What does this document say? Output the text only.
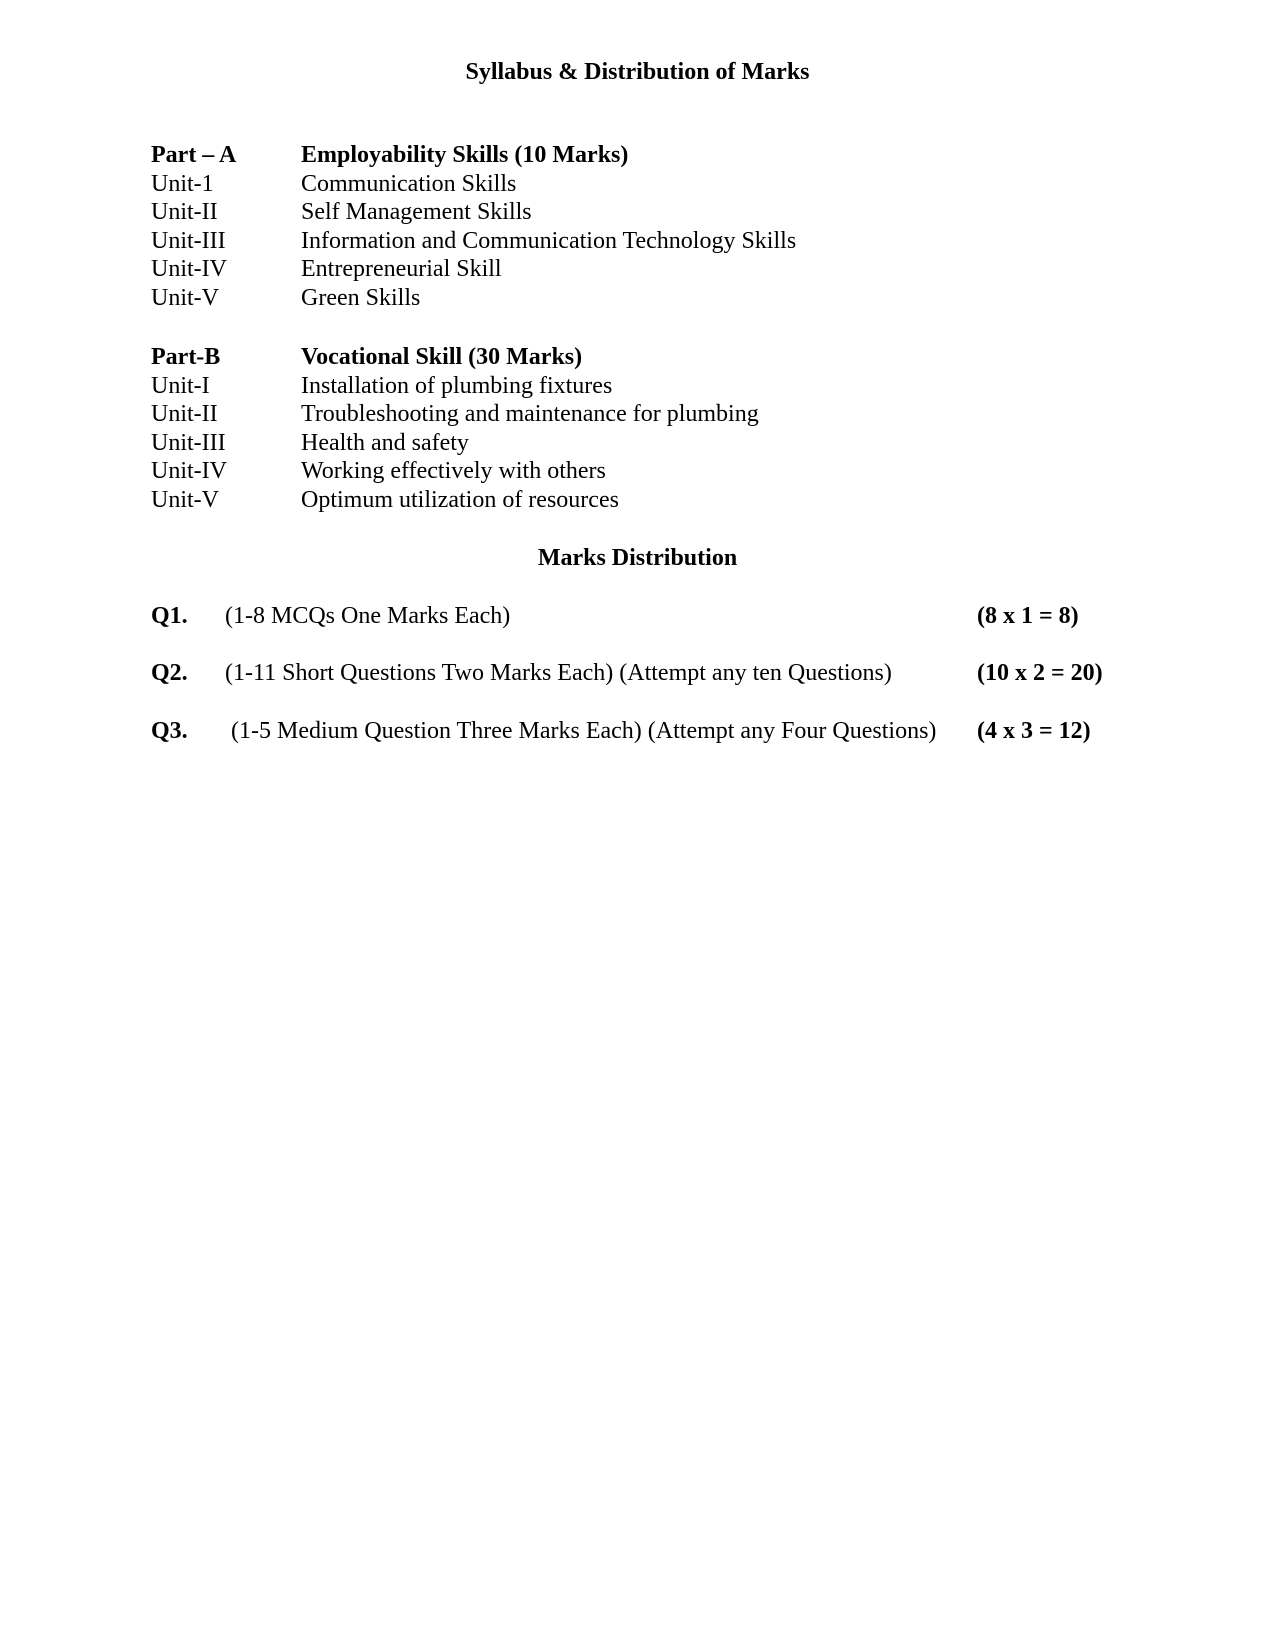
Syllabus & Distribution of Marks
Part – A	Employability Skills (10 Marks)
Unit-1	Communication Skills
Unit-II	Self Management Skills
Unit-III	Information and Communication Technology Skills
Unit-IV	Entrepreneurial Skill
Unit-V	Green Skills
Part-B	Vocational Skill (30 Marks)
Unit-I	Installation of plumbing fixtures
Unit-II	Troubleshooting and maintenance for plumbing
Unit-III	Health and safety
Unit-IV	Working effectively with others
Unit-V	Optimum utilization of resources
Marks Distribution
Q1. (1-8 MCQs One Marks Each)	(8 x 1 = 8)
Q2. (1-11 Short Questions Two Marks Each) (Attempt any ten Questions)	(10 x 2 = 20)
Q3. (1-5 Medium Question Three Marks Each) (Attempt any Four Questions) (4 x 3 = 12)
